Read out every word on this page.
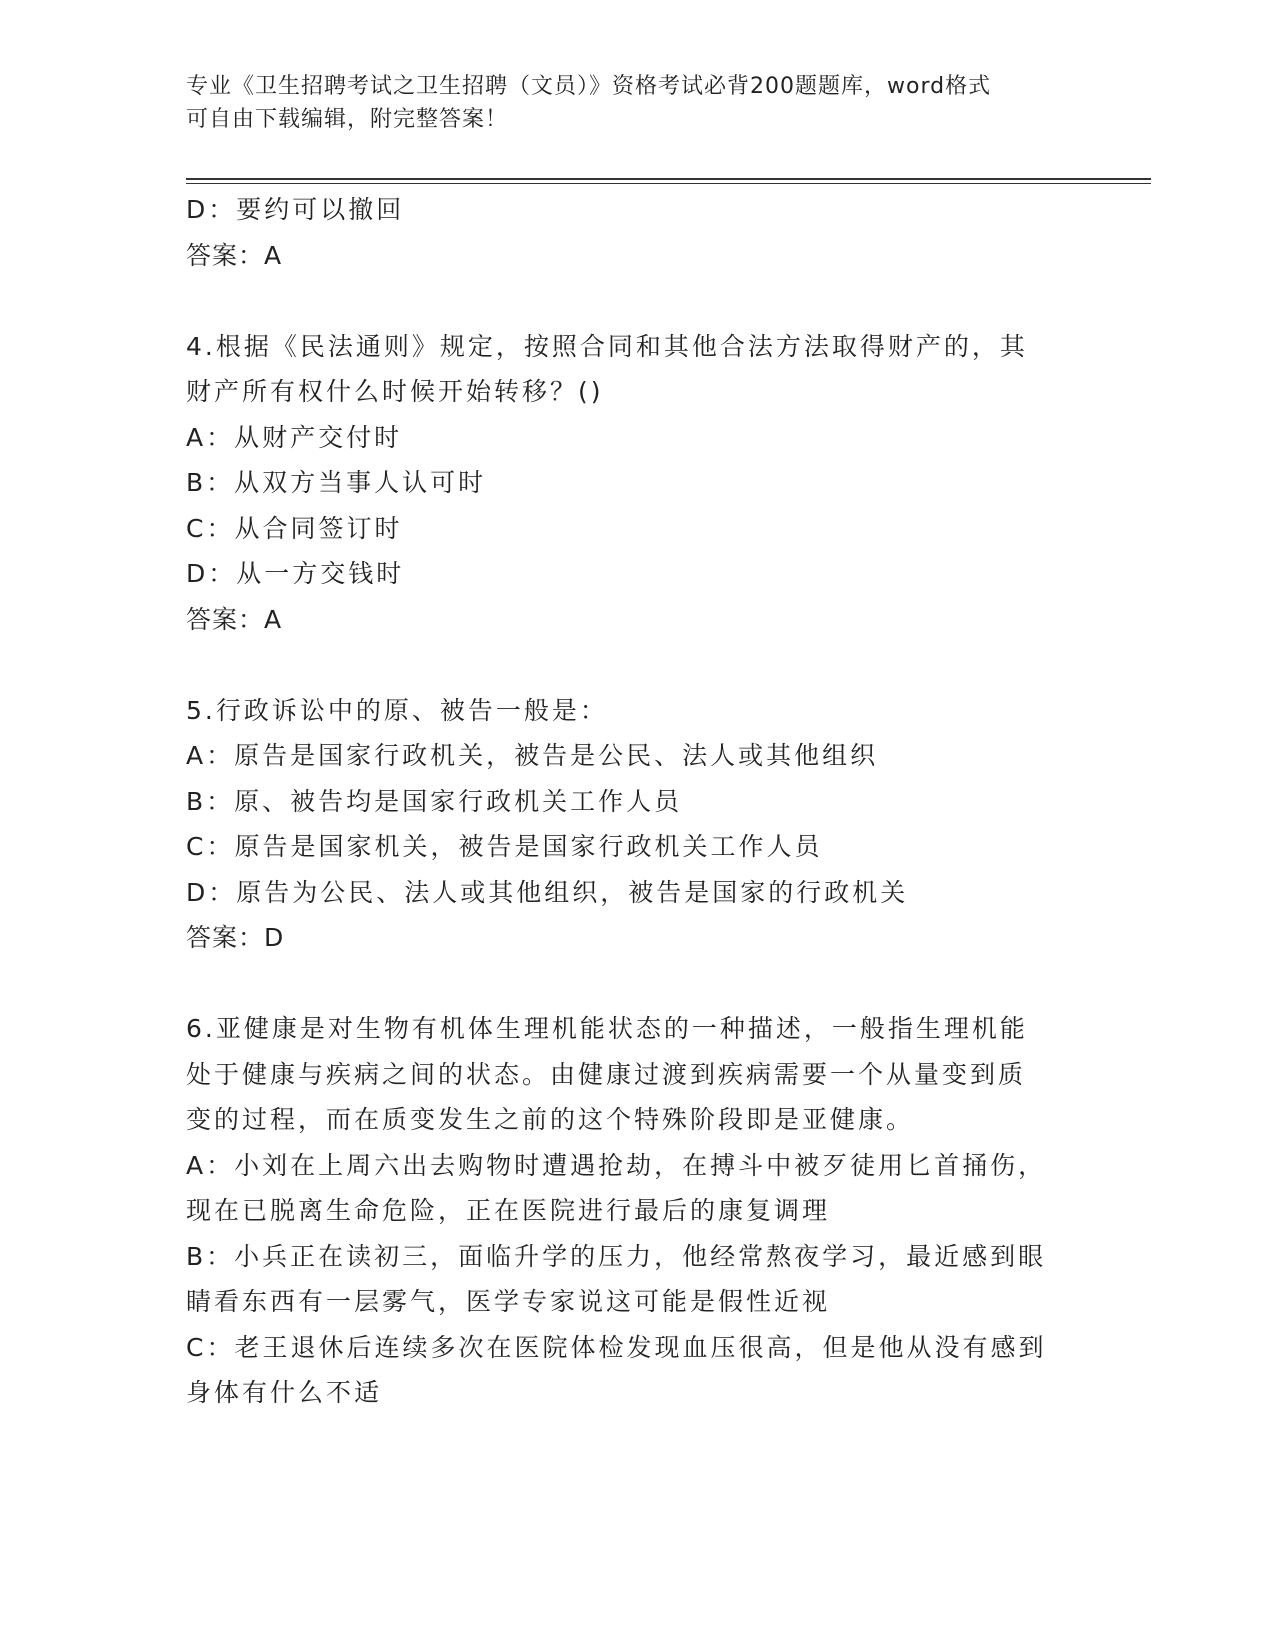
专业《卫生招聘考试之卫生招聘（文员）》资格考试必背200题题库，word格式
可自由下载编辑，附完整答案！
D：要约可以撤回
答案：A
4.根据《民法通则》规定，按照合同和其他合法方法取得财产的，其
财产所有权什么时候开始转移？()
A：从财产交付时
B：从双方当事人认可时
C：从合同签订时
D：从一方交钱时
答案：A
5.行政诉讼中的原、被告一般是：
A：原告是国家行政机关，被告是公民、法人或其他组织
B：原、被告均是国家行政机关工作人员
C：原告是国家机关，被告是国家行政机关工作人员
D：原告为公民、法人或其他组织，被告是国家的行政机关
答案：D
6.亚健康是对生物有机体生理机能状态的一种描述，一般指生理机能
处于健康与疾病之间的状态。由健康过渡到疾病需要一个从量变到质
变的过程，而在质变发生之前的这个特殊阶段即是亚健康。
A：小刘在上周六出去购物时遭遇抢劫，在搏斗中被歹徒用匕首捅伤，
现在已脱离生命危险，正在医院进行最后的康复调理
B：小兵正在读初三，面临升学的压力，他经常熬夜学习，最近感到眼
睛看东西有一层雾气，医学专家说这可能是假性近视
C：老王退休后连续多次在医院体检发现血压很高，但是他从没有感到
身体有什么不适
